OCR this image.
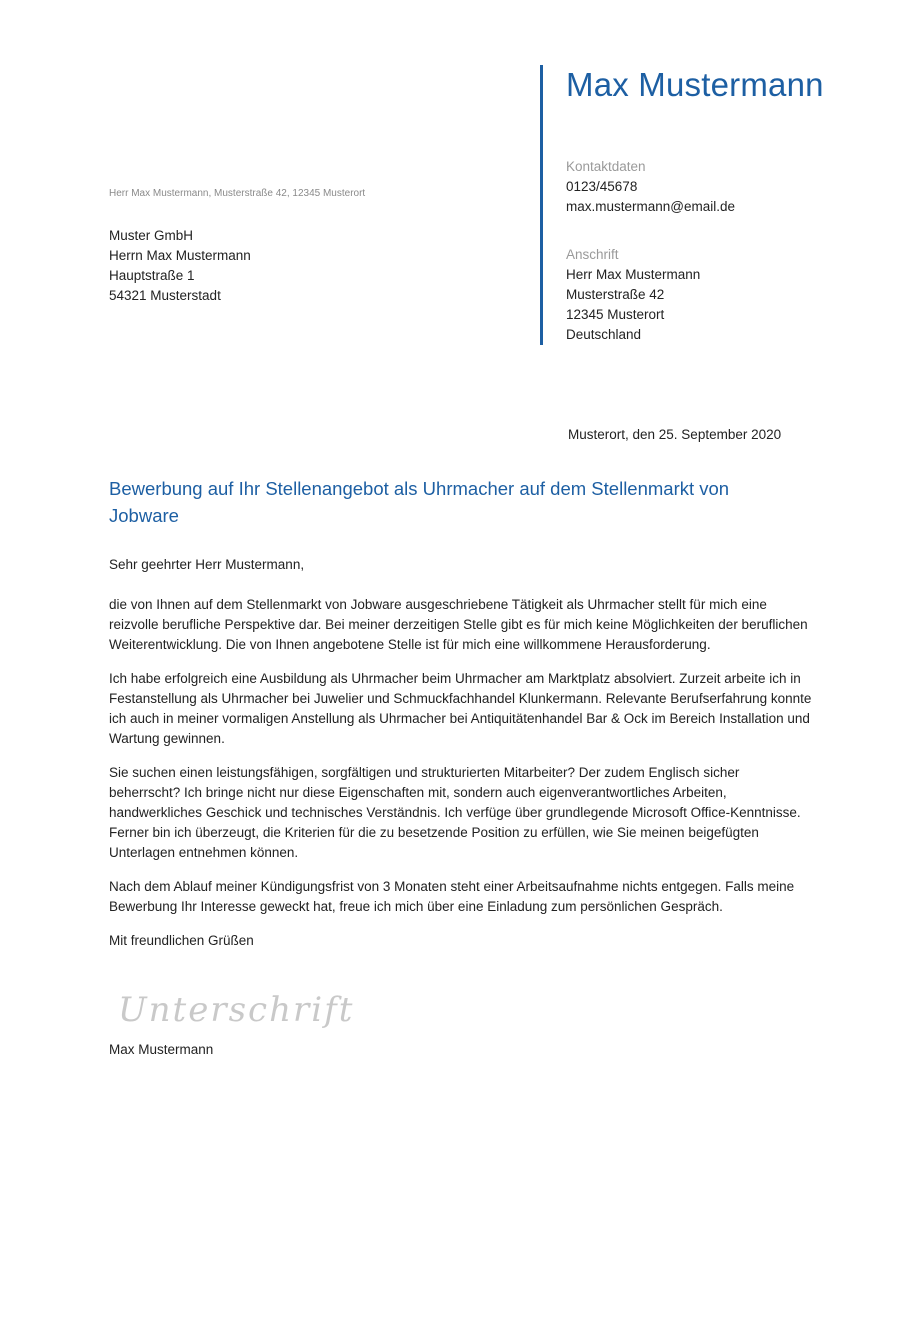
Max Mustermann
Kontaktdaten
0123/45678
max.mustermann@email.de
Anschrift
Herr Max Mustermann
Musterstraße 42
12345 Musterort
Deutschland
Herr Max Mustermann, Musterstraße 42, 12345 Musterort
Muster GmbH
Herrn Max Mustermann
Hauptstraße 1
54321 Musterstadt
Musterort, den 25. September 2020
Bewerbung auf Ihr Stellenangebot als Uhrmacher auf dem Stellenmarkt von Jobware

Sehr geehrter Herr Mustermann,

die von Ihnen auf dem Stellenmarkt von Jobware ausgeschriebene Tätigkeit als Uhrmacher stellt für mich eine reizvolle berufliche Perspektive dar. Bei meiner derzeitigen Stelle gibt es für mich keine Möglichkeiten der beruflichen Weiterentwicklung. Die von Ihnen angebotene Stelle ist für mich eine willkommene Herausforderung.

Ich habe erfolgreich eine Ausbildung als Uhrmacher beim Uhrmacher am Marktplatz absolviert. Zurzeit arbeite ich in Festanstellung als Uhrmacher bei Juwelier und Schmuckfachhandel Klunkermann. Relevante Berufserfahrung konnte ich auch in meiner vormaligen Anstellung als Uhrmacher bei Antiquitätenhandel Bar & Ock im Bereich Installation und Wartung gewinnen.

Sie suchen einen leistungsfähigen, sorgfältigen und strukturierten Mitarbeiter? Der zudem Englisch sicher beherrscht? Ich bringe nicht nur diese Eigenschaften mit, sondern auch eigenverantwortliches Arbeiten, handwerkliches Geschick und technisches Verständnis. Ich verfüge über grundlegende Microsoft Office-Kenntnisse. Ferner bin ich überzeugt, die Kriterien für die zu besetzende Position zu erfüllen, wie Sie meinen beigefügten Unterlagen entnehmen können.

Nach dem Ablauf meiner Kündigungsfrist von 3 Monaten steht einer Arbeitsaufnahme nichts entgegen. Falls meine Bewerbung Ihr Interesse geweckt hat, freue ich mich über eine Einladung zum persönlichen Gespräch.

Mit freundlichen Grüßen

Unterschrift
Max Mustermann
